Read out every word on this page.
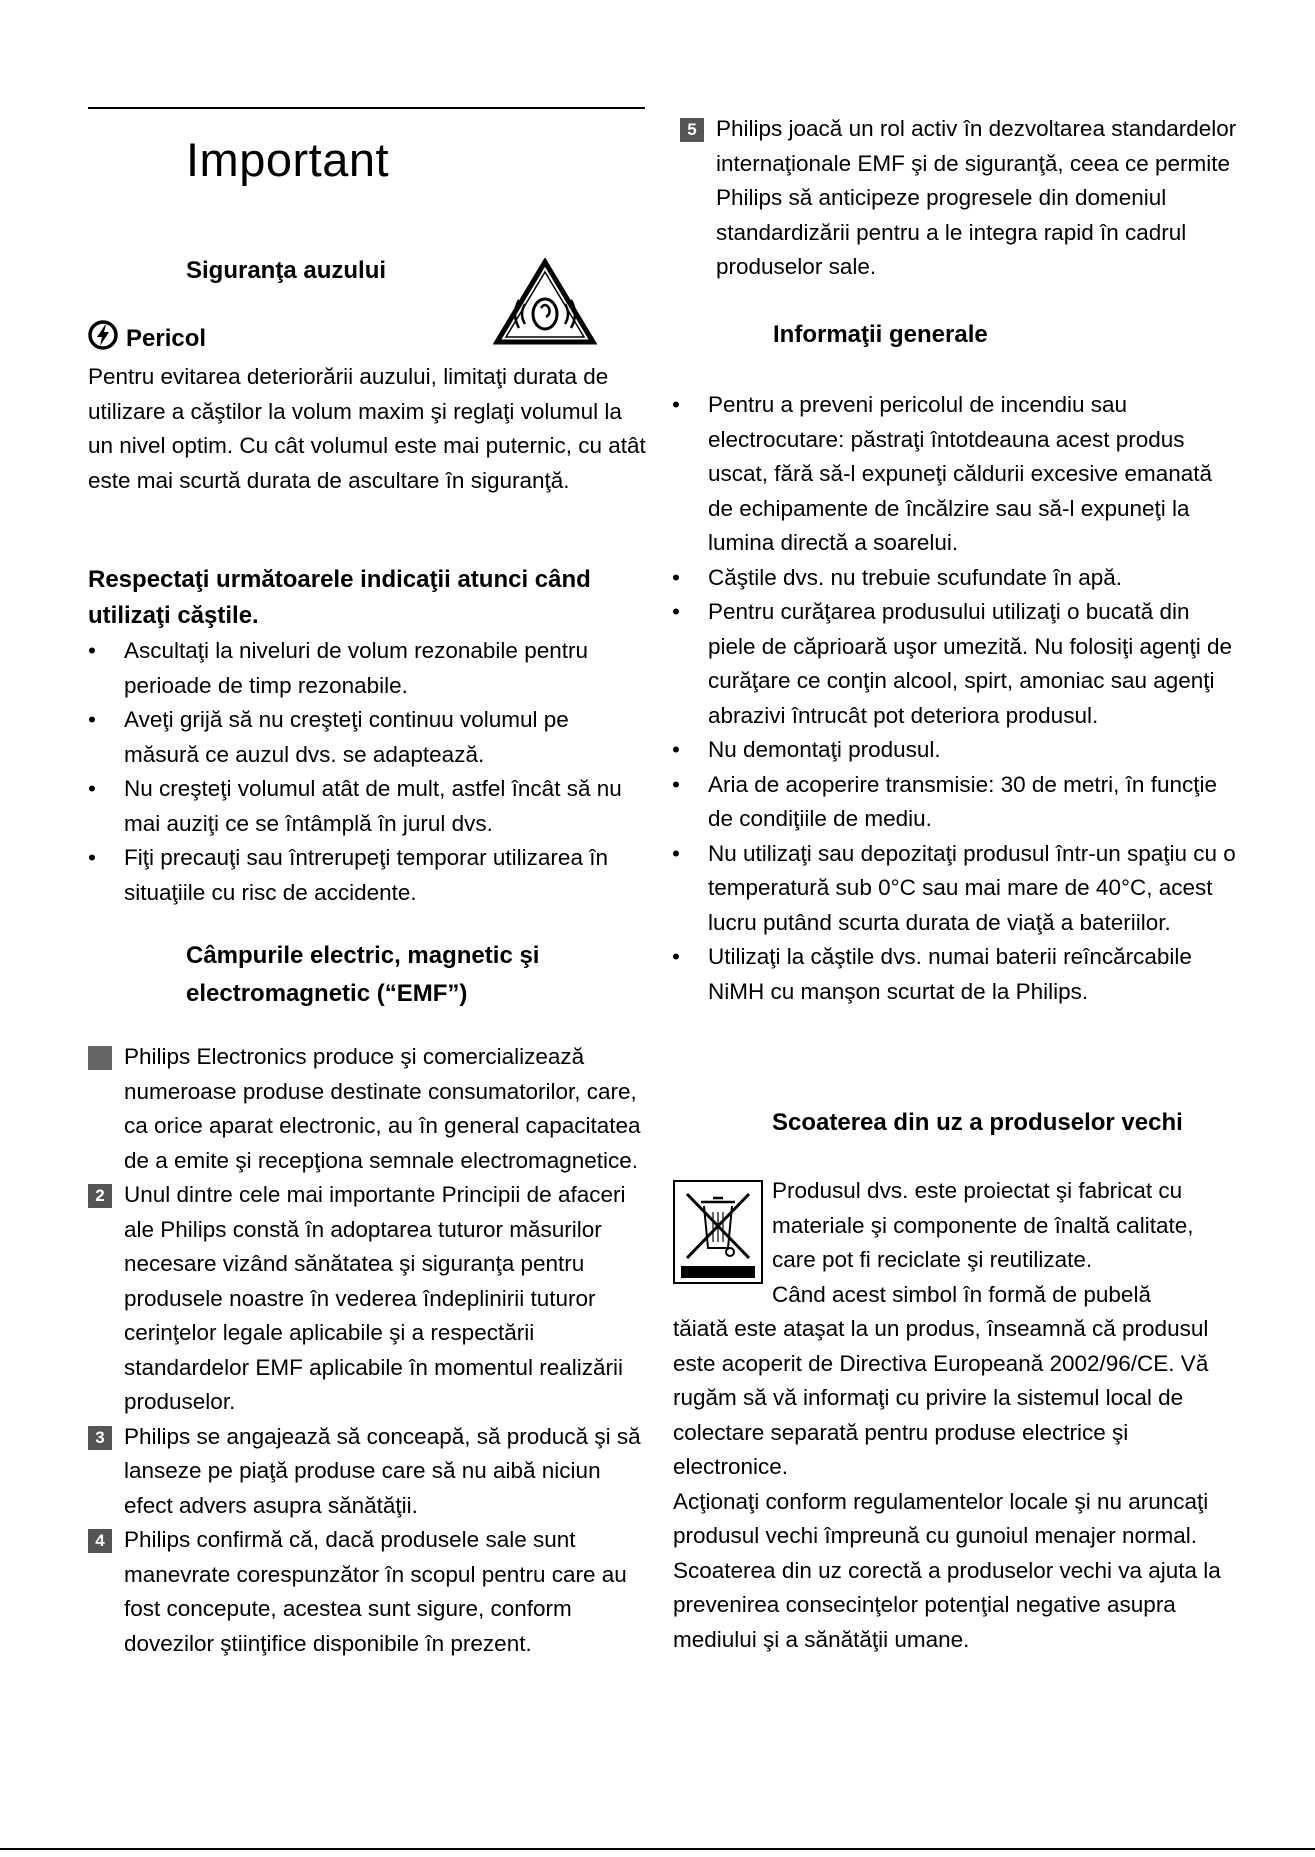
Important

Siguranţa auzului

Pericol

Pentru evitarea deteriorării auzului, limitaţi durata de utilizare a căştilor la volum maxim şi reglaţi volumul la un nivel optim. Cu cât volumul este mai puternic, cu atât este mai scurtă durata de ascultare în siguranţă.

Respectaţi următoarele indicaţii atunci când utilizaţi căştile.

• Ascultaţi la niveluri de volum rezonabile pentru perioade de timp rezonabile.
• Aveţi grijă să nu creşteţi continuu volumul pe măsură ce auzul dvs. se adaptează.
• Nu creşteţi volumul atât de mult, astfel încât să nu mai auziţi ce se întâmplă în jurul dvs.
• Fiţi precauţi sau întrerupeţi temporar utilizarea în situaţiile cu risc de accidente.

Câmpurile electric, magnetic şi

electromagnetic (“EMF”)

Philips Electronics produce şi comercializează numeroase produse destinate consumatorilor, care, ca orice aparat electronic, au în general capacitatea de a emite şi recepţiona semnale electromagnetice.
2 Unul dintre cele mai importante Principii de afaceri ale Philips constă în adoptarea tuturor măsurilor necesare vizând sănătatea şi siguranţa pentru produsele noastre în vederea îndeplinirii tuturor cerinţelor legale aplicabile şi a respectării standardelor EMF aplicabile în momentul realizării produselor.
3 Philips se angajează să conceapă, să producă şi să lanseze pe piaţă produse care să nu aibă niciun efect advers asupra sănătăţii.
4 Philips confirmă că, dacă produsele sale sunt manevrate corespunzător în scopul pentru care au fost concepute, acestea sunt sigure, conform dovezilor ştiinţifice disponibile în prezent.
5 Philips joacă un rol activ în dezvoltarea standardelor internaţionale EMF şi de siguranţă, ceea ce permite Philips să anticipeze progresele din domeniul standardizării pentru a le integra rapid în cadrul produselor sale.

Informaţii generale

• Pentru a preveni pericolul de incendiu sau electrocutare: păstraţi întotdeauna acest produs uscat, fără să-l expuneţi căldurii excesive emanată de echipamente de încălzire sau să-l expuneţi la lumina directă a soarelui.
• Căştile dvs. nu trebuie scufundate în apă.
• Pentru curăţarea produsului utilizaţi o bucată din piele de căprioară uşor umezită. Nu folosiţi agenţi de curăţare ce conţin alcool, spirt, amoniac sau agenţi abrazivi întrucât pot deteriora produsul.
• Nu demontaţi produsul.
• Aria de acoperire transmisie: 30 de metri, în funcţie de condiţiile de mediu.
• Nu utilizaţi sau depozitaţi produsul într-un spaţiu cu o temperatură sub 0°C sau mai mare de 40°C, acest lucru putând scurta durata de viaţă a bateriilor.
• Utilizaţi la căştile dvs. numai baterii reîncărcabile NiMH cu manşon scurtat de la Philips.

Scoaterea din uz a produselor vechi

Produsul dvs. este proiectat şi fabricat cu

materiale şi componente de înaltă calitate,

care pot fi reciclate şi reutilizate.

Când acest simbol în formă de pubelă

tăiată este ataşat la un produs, înseamnă că produsul este acoperit de Directiva Europeană 2002/96/CE. Vă rugăm să vă informaţi cu privire la sistemul local de colectare separată pentru produse electrice şi electronice.

Acţionaţi conform regulamentelor locale şi nu aruncaţi produsul vechi împreună cu gunoiul menajer normal. Scoaterea din uz corectă a produselor vechi va ajuta la prevenirea consecinţelor potenţial negative asupra mediului şi a sănătăţii umane.
